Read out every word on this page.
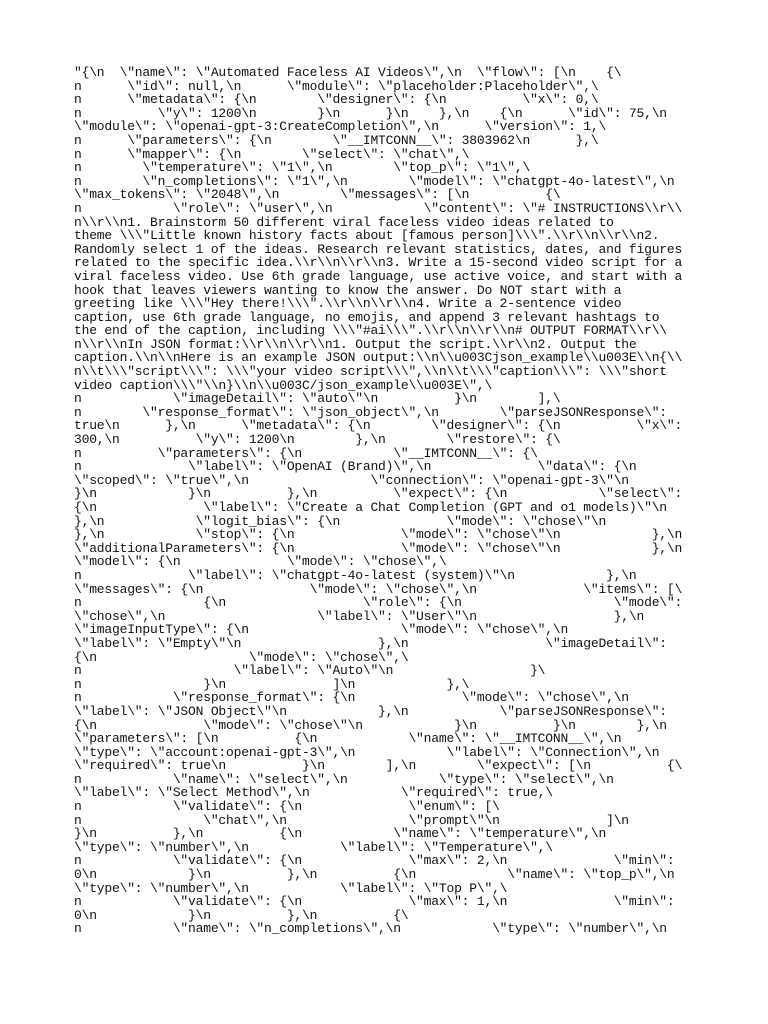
"{\n  \"name\": \"Automated Faceless AI Videos\",\n  \"flow\": [\n    {\
n      \"id\": null,\n      \"module\": \"placeholder:Placeholder\",\
n      \"metadata\": {\n        \"designer\": {\n          \"x\": 0,\
n          \"y\": 1200\n        }\n      }\n    },\n    {\n      \"id\": 75,\n
\"module\": \"openai-gpt-3:CreateCompletion\",\n      \"version\": 1,\
n      \"parameters\": {\n        \"__IMTCONN__\": 3803962\n      },\
n      \"mapper\": {\n        \"select\": \"chat\",\
n        \"temperature\": \"1\",\n        \"top_p\": \"1\",\
n        \"n_completions\": \"1\",\n        \"model\": \"chatgpt-4o-latest\",\n
\"max_tokens\": \"2048\",\n        \"messages\": [\n          {\
n            \"role\": \"user\",\n            \"content\": \"# INSTRUCTIONS\\r\\
n\\r\\n1. Brainstorm 50 different viral faceless video ideas related to
theme \\\"Little known history facts about [famous person]\\\".\\r\\n\\r\\n2.
Randomly select 1 of the ideas. Research relevant statistics, dates, and figures
related to the specific idea.\\r\\n\\r\\n3. Write a 15-second video script for a
viral faceless video. Use 6th grade language, use active voice, and start with a
hook that leaves viewers wanting to know the answer. Do NOT start with a
greeting like \\\"Hey there!\\\".\\r\\n\\r\\n4. Write a 2-sentence video
caption, use 6th grade language, no emojis, and append 3 relevant hashtags to
the end of the caption, including \\\"#ai\\\".\\r\\n\\r\\n# OUTPUT FORMAT\\r\\
n\\r\\nIn JSON format:\\r\\n\\r\\n1. Output the script.\\r\\n2. Output the
caption.\\n\\nHere is an example JSON output:\\n\\u003Cjson_example\\u003E\\n{\\
n\\t\\\"script\\\": \\\"your video script\\\",\\n\\t\\\"caption\\\": \\\"short
video caption\\\"\\n}\\n\\u003C/json_example\\u003E\",\
n            \"imageDetail\": \"auto\"\n          }\n        ],\
n        \"response_format\": \"json_object\",\n        \"parseJSONResponse\":
true\n      },\n      \"metadata\": {\n        \"designer\": {\n          \"x\":
300,\n          \"y\": 1200\n        },\n        \"restore\": {\
n          \"parameters\": {\n            \"__IMTCONN__\": {\
n              \"label\": \"OpenAI (Brand)\",\n              \"data\": {\n
\"scoped\": \"true\",\n                \"connection\": \"openai-gpt-3\"\n
}\n            }\n          },\n          \"expect\": {\n            \"select\":
{\n              \"label\": \"Create a Chat Completion (GPT and o1 models)\"\n
},\n            \"logit_bias\": {\n              \"mode\": \"chose\"\n
},\n            \"stop\": {\n              \"mode\": \"chose\"\n            },\n
\"additionalParameters\": {\n              \"mode\": \"chose\"\n            },\n
\"model\": {\n              \"mode\": \"chose\",\
n              \"label\": \"chatgpt-4o-latest (system)\"\n            },\n
\"messages\": {\n              \"mode\": \"chose\",\n              \"items\": [\
n                {\n                  \"role\": {\n                    \"mode\":
\"chose\",\n                    \"label\": \"User\"\n                  },\n
\"imageInputType\": {\n                    \"mode\": \"chose\",\n
\"label\": \"Empty\"\n                  },\n                  \"imageDetail\":
{\n                    \"mode\": \"chose\",\
n                    \"label\": \"Auto\"\n                  }\
n                }\n              ]\n            },\
n            \"response_format\": {\n              \"mode\": \"chose\",\n
\"label\": \"JSON Object\"\n            },\n            \"parseJSONResponse\":
{\n              \"mode\": \"chose\"\n            }\n          }\n        },\n
\"parameters\": [\n          {\n            \"name\": \"__IMTCONN__\",\n
\"type\": \"account:openai-gpt-3\",\n            \"label\": \"Connection\",\n
\"required\": true\n          }\n        ],\n        \"expect\": [\n          {\
n            \"name\": \"select\",\n            \"type\": \"select\",\n
\"label\": \"Select Method\",\n            \"required\": true,\
n            \"validate\": {\n              \"enum\": [\
n                \"chat\",\n                \"prompt\"\n              ]\n
}\n          },\n          {\n            \"name\": \"temperature\",\n
\"type\": \"number\",\n            \"label\": \"Temperature\",\
n            \"validate\": {\n              \"max\": 2,\n              \"min\":
0\n            }\n          },\n          {\n            \"name\": \"top_p\",\n
\"type\": \"number\",\n            \"label\": \"Top P\",\
n            \"validate\": {\n              \"max\": 1,\n              \"min\":
0\n            }\n          },\n          {\
n            \"name\": \"n_completions\",\n            \"type\": \"number\",\n
